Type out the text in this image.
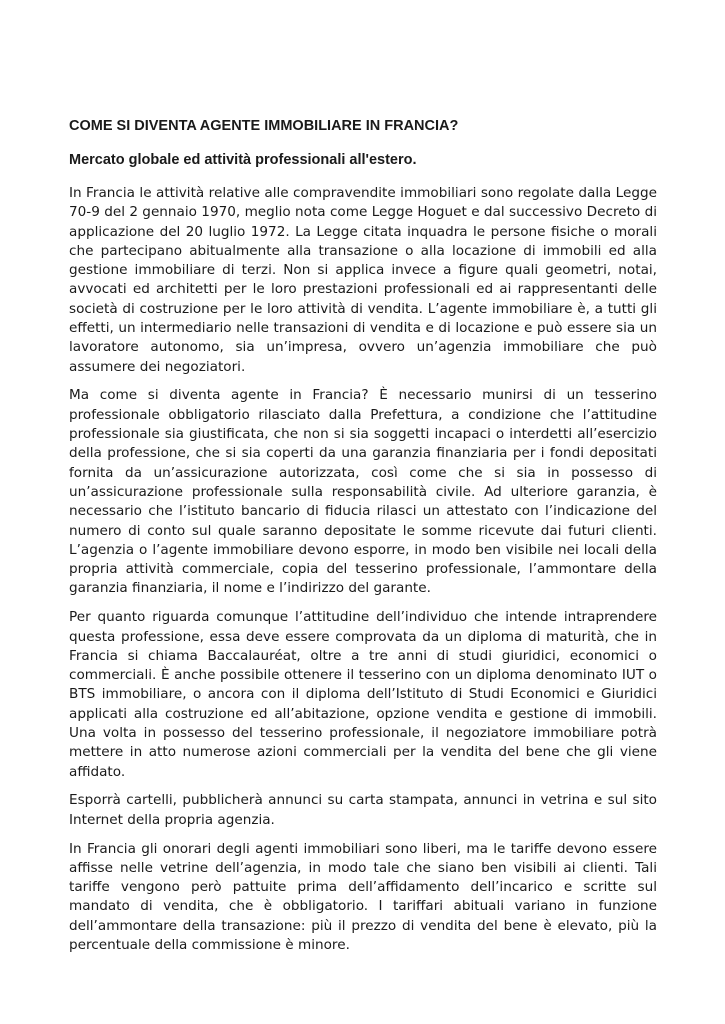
COME SI DIVENTA AGENTE IMMOBILIARE IN FRANCIA?
Mercato globale ed attività professionali all'estero.

In Francia le attività relative alle compravendite immobiliari sono regolate dalla Legge 70-9 del 2 gennaio 1970, meglio nota come Legge Hoguet e dal successivo Decreto di applicazione del 20 luglio 1972. La Legge citata inquadra le persone fisiche o morali che partecipano abitualmente alla transazione o alla locazione di immobili ed alla gestione immobiliare di terzi. Non si applica invece a figure quali geometri, notai, avvocati ed architetti per le loro prestazioni professionali ed ai rappresentanti delle società di costruzione per le loro attività di vendita. L’agente immobiliare è, a tutti gli effetti, un intermediario nelle transazioni di vendita e di locazione e può essere sia un lavoratore autonomo, sia un’impresa, ovvero un’agenzia immobiliare che può assumere dei negoziatori.

Ma come si diventa agente in Francia? È necessario munirsi di un tesserino professionale obbligatorio rilasciato dalla Prefettura, a condizione che l’attitudine professionale sia giustificata, che non si sia soggetti incapaci o interdetti all’esercizio della professione, che si sia coperti da una garanzia finanziaria per i fondi depositati fornita da un’assicurazione autorizzata, così come che si sia in possesso di un’assicurazione professionale sulla responsabilità civile. Ad ulteriore garanzia, è necessario che l’istituto bancario di fiducia rilasci un attestato con l’indicazione del numero di conto sul quale saranno depositate le somme ricevute dai futuri clienti. L’agenzia o l’agente immobiliare devono esporre, in modo ben visibile nei locali della propria attività commerciale, copia del tesserino professionale, l’ammontare della garanzia finanziaria, il nome e l’indirizzo del garante.

Per quanto riguarda comunque l’attitudine dell’individuo che intende intraprendere questa professione, essa deve essere comprovata da un diploma di maturità, che in Francia si chiama Baccalauréat, oltre a tre anni di studi giuridici, economici o commerciali. È anche possibile ottenere il tesserino con un diploma denominato IUT o BTS immobiliare, o ancora con il diploma dell’Istituto di Studi Economici e Giuridici applicati alla costruzione ed all’abitazione, opzione vendita e gestione di immobili. Una volta in possesso del tesserino professionale, il negoziatore immobiliare potrà mettere in atto numerose azioni commerciali per la vendita del bene che gli viene affidato.

Esporrà cartelli, pubblicherà annunci su carta stampata, annunci in vetrina e sul sito Internet della propria agenzia.

In Francia gli onorari degli agenti immobiliari sono liberi, ma le tariffe devono essere affisse nelle vetrine dell’agenzia, in modo tale che siano ben visibili ai clienti. Tali tariffe vengono però pattuite prima dell’affidamento dell’incarico e scritte sul mandato di vendita, che è obbligatorio. I tariffari abituali variano in funzione dell’ammontare della transazione: più il prezzo di vendita del bene è elevato, più la percentuale della commissione è minore.
